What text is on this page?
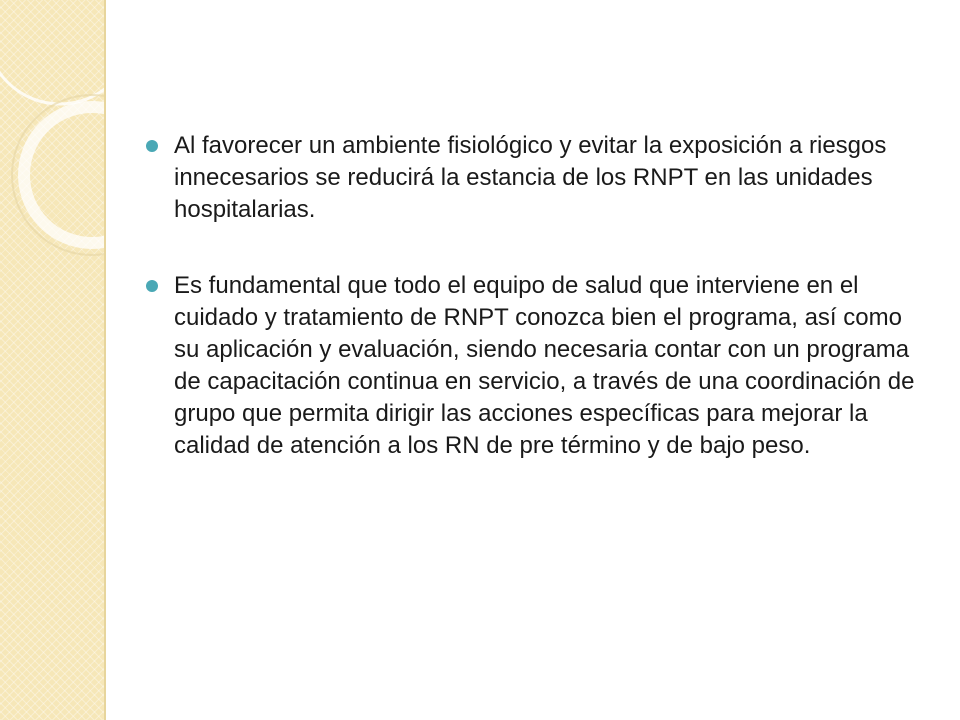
Al favorecer un ambiente fisiológico y evitar la exposición a riesgos innecesarios se reducirá la estancia de los RNPT en las unidades hospitalarias.
Es fundamental que todo el equipo de salud que interviene en el cuidado y tratamiento de RNPT conozca bien el programa, así como su aplicación y evaluación, siendo necesaria contar con un programa de capacitación continua en servicio, a través de una coordinación de grupo que permita dirigir las acciones específicas para mejorar la calidad de atención a los RN de pre término y de bajo peso.
